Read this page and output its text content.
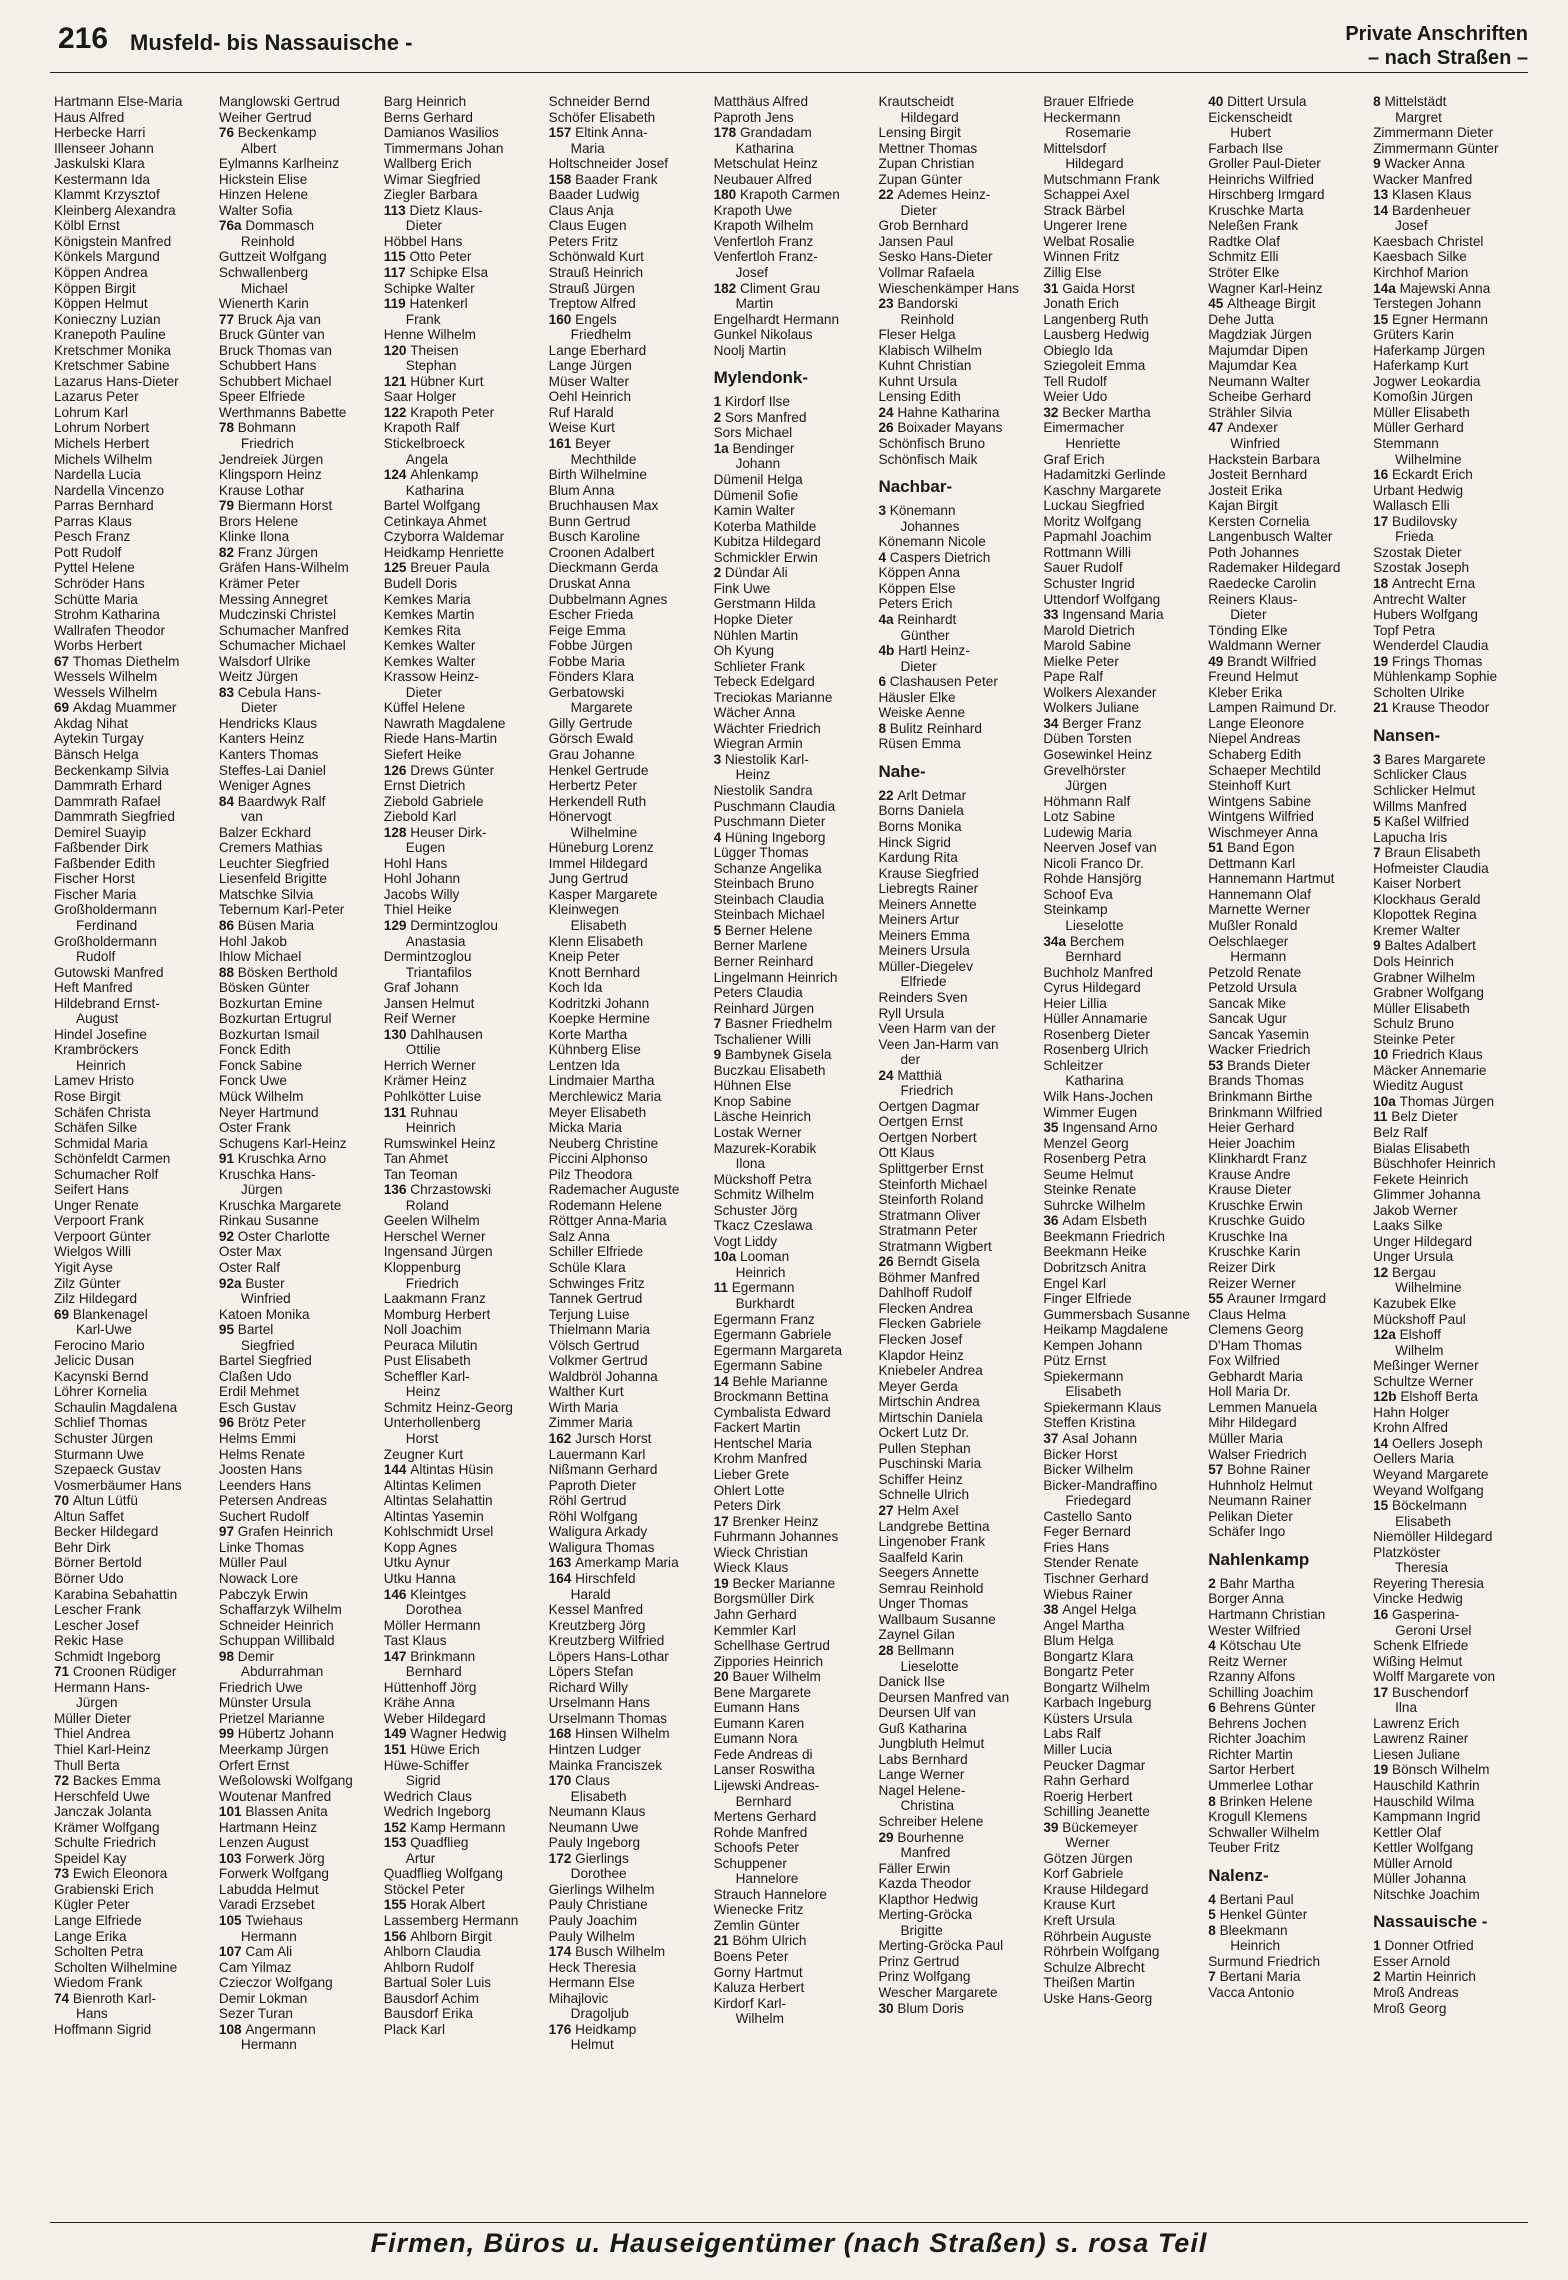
216 Musfeld- bis Nassauische -	Private Anschriften
– nach Straßen –
Hartmann Else-Maria
Haus Alfred
Herbecke Harri
Illenseer Johann
Jaskulski Klara
Kestermann Ida
Klammt Krzysztof
Kleinberg Alexandra
Kölbl Ernst
Königstein Manfred
Könkels Margund
Köppen Andrea
Köppen Birgit
Köppen Helmut
Konieczny Luzian
Kranepoth Pauline
Kretschmer Monika
Kretschmer Sabine
Lazarus Hans-Dieter
Lazarus Peter
Lohrum Karl
Lohrum Norbert
Michels Herbert
Michels Wilhelm
Nardella Lucia
Nardella Vincenzo
Parras Bernhard
Parras Klaus
Pesch Franz
Pott Rudolf
Pyttel Helene
Schröder Hans
Schütte Maria
Strohm Katharina
Wallrafen Theodor
Worbs Herbert
67 Thomas Diethelm
Wessels Wilhelm
Wessels Wilhelm
69 Akdag Muammer
Akdag Nihat
Aytekin Turgay
Bänsch Helga
Beckenkamp Silvia
Dammrath Erhard
Dammrath Rafael
Dammrath Siegfried
Demirel Suayip
Faßbender Dirk
Faßbender Edith
Fischer Horst
Fischer Maria
Großholdermann
Ferdinand
Großholdermann
Rudolf
Gutowski Manfred
Heft Manfred
Hildebrand Ernst-
August
Hindel Josefine
Krambröckers
Heinrich
Lamev Hristo
Rose Birgit
Schäfen Christa
Schäfen Silke
Schmidal Maria
Schönfeldt Carmen
Schumacher Rolf
Seifert Hans
Unger Renate
Verpoort Frank
Verpoort Günter
Wielgos Willi
Yigit Ayse
Zilz Günter
Zilz Hildegard
69 Blankenagel
Karl-Uwe
Ferocino Mario
Jelicic Dusan
Kacynski Bernd
Löhrer Kornelia
Schaulin Magdalena
Schlief Thomas
Schuster Jürgen
Sturmann Uwe
Szepaeck Gustav
Vosmerbäumer Hans
70 Altun Lütfü
Altun Saffet
Becker Hildegard
Behr Dirk
Börner Bertold
Börner Udo
Karabina Sebahattin
Lescher Frank
Lescher Josef
Rekic Hase
Schmidt Ingeborg
71 Croonen Rüdiger
Hermann Hans-
Jürgen
Müller Dieter
Thiel Andrea
Thiel Karl-Heinz
Thull Berta
72 Backes Emma
Herschfeld Uwe
Janczak Jolanta
Krämer Wolfgang
Schulte Friedrich
Speidel Kay
73 Ewich Eleonora
Grabienski Erich
Kügler Peter
Lange Elfriede
Lange Erika
Scholten Petra
Scholten Wilhelmine
Wiedom Frank
74 Bienroth Karl-
Hans
Hoffmann Sigrid
Manglowski Gertrud
Weiher Gertrud
76 Beckenkamp
Albert
Eylmanns Karlheinz
Hickstein Elise
Hinzen Helene
Walter Sofia
76a Dommasch
Reinhold
Guttzeit Wolfgang
Schwallenberg
Michael
Wienerth Karin
77 Bruck Aja van
Bruck Günter van
Bruck Thomas van
Schubbert Hans
Schubbert Michael
Speer Elfriede
Werthmanns Babette
78 Bohmann
Friedrich
Jendreiek Jürgen
Klingsporn Heinz
Krause Lothar
79 Biermann Horst
Brors Helene
Klinke Ilona
82 Franz Jürgen
Gräfen Hans-Wilhelm
Krämer Peter
Messing Annegret
Mudczinski Christel
Schumacher Manfred
Schumacher Michael
Walsdorf Ulrike
Weitz Jürgen
83 Cebula Hans-
Dieter
Hendricks Klaus
Kanters Heinz
Kanters Thomas
Steffes-Lai Daniel
Weniger Agnes
84 Baardwyk Ralf
van
Balzer Eckhard
Cremers Mathias
Leuchter Siegfried
Liesenfeld Brigitte
Matschke Silvia
Tebernum Karl-Peter
86 Büsen Maria
Hohl Jakob
Ihlow Michael
88 Bösken Berthold
Bösken Günter
Bozkurtan Emine
Bozkurtan Ertugrul
Bozkurtan Ismail
Fonck Edith
Fonck Sabine
Fonck Uwe
Mück Wilhelm
Neyer Hartmund
Oster Frank
Schugens Karl-Heinz
91 Kruschka Arno
Kruschka Hans-
Jürgen
Kruschka Margarete
Rinkau Susanne
92 Oster Charlotte
Oster Max
Oster Ralf
92a Buster
Winfried
Katoen Monika
95 Bartel
Siegfried
Bartel Siegfried
Claßen Udo
Erdil Mehmet
Esch Gustav
96 Brötz Peter
Helms Emmi
Helms Renate
Joosten Hans
Leenders Hans
Petersen Andreas
Suchert Rudolf
97 Grafen Heinrich
Linke Thomas
Müller Paul
Nowack Lore
Pabczyk Erwin
Schaffarzyk Wilhelm
Schneider Heinrich
Schuppan Willibald
98 Demir
Abdurrahman
Friedrich Uwe
Münster Ursula
Prietzel Marianne
99 Hübertz Johann
Meerkamp Jürgen
Orfert Ernst
Weßolowski Wolfgang
Woutenar Manfred
101 Blassen Anita
Hartmann Heinz
Lenzen August
103 Forwerk Jörg
Forwerk Wolfgang
Labudda Helmut
Varadi Erzsebet
105 Twiehaus
Hermann
107 Cam Ali
Cam Yilmaz
Czieczor Wolfgang
Demir Lokman
Sezer Turan
108 Angermann
Hermann
Barg Heinrich
Berns Gerhard
Damianos Wasilios
Timmermans Johan
Wallberg Erich
Wimar Siegfried
Ziegler Barbara
113 Dietz Klaus-
Dieter
Höbbel Hans
115 Otto Peter
117 Schipke Elsa
Schipke Walter
119 Hatenkerl
Frank
Henne Wilhelm
120 Theisen
Stephan
121 Hübner Kurt
Saar Holger
122 Krapoth Peter
Krapoth Ralf
Stickelbroeck
Angela
124 Ahlenkamp
Katharina
Bartel Wolfgang
Cetinkaya Ahmet
Czyborra Waldemar
Heidkamp Henriette
125 Breuer Paula
Budell Doris
Kemkes Maria
Kemkes Martin
Kemkes Rita
Kemkes Walter
Kemkes Walter
Krassow Heinz-
Dieter
Küffel Helene
Nawrath Magdalene
Riede Hans-Martin
Siefert Heike
126 Drews Günter
Ernst Dietrich
Ziebold Gabriele
Ziebold Karl
128 Heuser Dirk-
Eugen
Hohl Hans
Hohl Johann
Jacobs Willy
Thiel Heike
129 Dermintzoglou
Anastasia
Dermintzoglou
Triantafilos
Graf Johann
Jansen Helmut
Reif Werner
130 Dahlhausen
Ottilie
Herrich Werner
Krämer Heinz
Pohlkötter Luise
131 Ruhnau
Heinrich
Rumswinkel Heinz
Tan Ahmet
Tan Teoman
136 Chrzastowski
Roland
Geelen Wilhelm
Herschel Werner
Ingensand Jürgen
Kloppenburg
Friedrich
Laakmann Franz
Momburg Herbert
Noll Joachim
Peuraca Milutin
Pust Elisabeth
Scheffler Karl-
Heinz
Schmitz Heinz-Georg
Unterhollenberg
Horst
Zeugner Kurt
144 Altintas Hüsin
Altintas Kelimen
Altintas Selahattin
Altintas Yasemin
Kohlschmidt Ursel
Kopp Agnes
Utku Aynur
Utku Hanna
146 Kleintges
Dorothea
Möller Hermann
Tast Klaus
147 Brinkmann
Bernhard
Hüttenhoff Jörg
Krähe Anna
Weber Hildegard
149 Wagner Hedwig
151 Hüwe Erich
Hüwe-Schiffer
Sigrid
Wedrich Claus
Wedrich Ingeborg
152 Kamp Hermann
153 Quadflieg
Artur
Quadflieg Wolfgang
Stöckel Peter
155 Horak Albert
Lassemberg Hermann
156 Ahlborn Birgit
Ahlborn Claudia
Ahlborn Rudolf
Bartual Soler Luis
Bausdorf Achim
Bausdorf Erika
Plack Karl
Schneider Bernd
Schöfer Elisabeth
157 Eltink Anna-
Maria
Holtschneider Josef
158 Baader Frank
Baader Ludwig
Claus Anja
Claus Eugen
Peters Fritz
Schönwald Kurt
Strauß Heinrich
Strauß Jürgen
Treptow Alfred
160 Engels
Friedhelm
Lange Eberhard
Lange Jürgen
Müser Walter
Oehl Heinrich
Ruf Harald
Weise Kurt
161 Beyer
Mechthilde
Birth Wilhelmine
Blum Anna
Bruchhausen Max
Bunn Gertrud
Busch Karoline
Croonen Adalbert
Dieckmann Gerda
Druskat Anna
Dubbelmann Agnes
Escher Frieda
Feige Emma
Fobbe Jürgen
Fobbe Maria
Fönders Klara
Gerbatowski
Margarete
Gilly Gertrude
Görsch Ewald
Grau Johanne
Henkel Gertrude
Herbertz Peter
Herkendell Ruth
Hönervogt
Wilhelmine
Hüneburg Lorenz
Immel Hildegard
Jung Gertrud
Kasper Margarete
Kleinwegen
Elisabeth
Klenn Elisabeth
Kneip Peter
Knott Bernhard
Koch Ida
Kodritzki Johann
Koepke Hermine
Korte Martha
Kühnberg Elise
Lentzen Ida
Lindmaier Martha
Merchlewicz Maria
Meyer Elisabeth
Micka Maria
Neuberg Christine
Piccini Alphonso
Pilz Theodora
Rademacher Auguste
Rodemann Helene
Röttger Anna-Maria
Salz Anna
Schiller Elfriede
Schüle Klara
Schwinges Fritz
Tannek Gertrud
Terjung Luise
Thielmann Maria
Völsch Gertrud
Volkmer Gertrud
Waldbröl Johanna
Walther Kurt
Wirth Maria
Zimmer Maria
162 Jursch Horst
Lauermann Karl
Nißmann Gerhard
Paproth Dieter
Röhl Gertrud
Röhl Wolfgang
Waligura Arkady
Waligura Thomas
163 Amerkamp Maria
164 Hirschfeld
Harald
Kessel Manfred
Kreutzberg Jörg
Kreutzberg Wilfried
Löpers Hans-Lothar
Löpers Stefan
Richard Willy
Urselmann Hans
Urselmann Thomas
168 Hinsen Wilhelm
Hintzen Ludger
Mainka Franciszek
170 Claus
Elisabeth
Neumann Klaus
Neumann Uwe
Pauly Ingeborg
172 Gierlings
Dorothee
Gierlings Wilhelm
Pauly Christiane
Pauly Joachim
Pauly Wilhelm
174 Busch Wilhelm
Heck Theresia
Hermann Else
Mihajlovic
Dragoljub
176 Heidkamp
Helmut
Matthäus Alfred
Paproth Jens
178 Grandadam
Katharina
Metschulat Heinz
Neubauer Alfred
180 Krapoth Carmen
Krapoth Uwe
Krapoth Wilhelm
Venfertloh Franz
Venfertloh Franz-
Josef
182 Climent Grau
Martin
Engelhardt Hermann
Gunkel Nikolaus
Noolj Martin
Mylendonk-
1 Kirdorf Ilse
2 Sors Manfred
Sors Michael
1a Bendinger
Johann
Dümenil Helga
Dümenil Sofie
Kamin Walter
Koterba Mathilde
Kubitza Hildegard
Schmickler Erwin
2 Dündar Ali
Fink Uwe
Gerstmann Hilda
Hopke Dieter
Nühlen Martin
Oh Kyung
Schlieter Frank
Tebeck Edelgard
Treciokas Marianne
Wächer Anna
Wächter Friedrich
Wiegran Armin
3 Niestolik Karl-
Heinz
Niestolik Sandra
Puschmann Claudia
Puschmann Dieter
4 Hüning Ingeborg
Lügger Thomas
Schanze Angelika
Steinbach Bruno
Steinbach Claudia
Steinbach Michael
5 Berner Helene
Berner Marlene
Berner Reinhard
Lingelmann Heinrich
Peters Claudia
Reinhard Jürgen
7 Basner Friedhelm
Tschaliener Willi
9 Bambynek Gisela
Buczkau Elisabeth
Hühnen Else
Knop Sabine
Läsche Heinrich
Lostak Werner
Mazurek-Korabik
Ilona
Mückshoff Petra
Schmitz Wilhelm
Schuster Jörg
Tkacz Czeslawa
Vogt Liddy
10a Looman
Heinrich
11 Egermann
Burkhardt
Egermann Franz
Egermann Gabriele
Egermann Margareta
Egermann Sabine
14 Behle Marianne
Brockmann Bettina
Cymbalista Edward
Fackert Martin
Hentschel Maria
Krohm Manfred
Lieber Grete
Ohlert Lotte
Peters Dirk
17 Brenker Heinz
Fuhrmann Johannes
Wieck Christian
Wieck Klaus
19 Becker Marianne
Borgsmüller Dirk
Jahn Gerhard
Kemmler Karl
Schellhase Gertrud
Zippories Heinrich
20 Bauer Wilhelm
Bene Margarete
Eumann Hans
Eumann Karen
Eumann Nora
Fede Andreas di
Lanser Roswitha
Lijewski Andreas-
Bernhard
Mertens Gerhard
Rohde Manfred
Schoofs Peter
Schuppener
Hannelore
Strauch Hannelore
Wienecke Fritz
Zemlin Günter
21 Böhm Ulrich
Boens Peter
Gorny Hartmut
Kaluza Herbert
Kirdorf Karl-
Wilhelm
Krautscheidt
Hildegard
Lensing Birgit
Mettner Thomas
Zupan Christian
Zupan Günter
22 Ademes Heinz-
Dieter
Grob Bernhard
Jansen Paul
Sesko Hans-Dieter
Vollmar Rafaela
Wieschenkämper Hans
23 Bandorski
Reinhold
Fleser Helga
Klabisch Wilhelm
Kuhnt Christian
Kuhnt Ursula
Lensing Edith
24 Hahne Katharina
26 Boixader Mayans
Schönfisch Bruno
Schönfisch Maik
Nachbar-
3 Könemann
Johannes
Könemann Nicole
4 Caspers Dietrich
Köppen Anna
Köppen Else
Peters Erich
4a Reinhardt
Günther
4b Hartl Heinz-
Dieter
6 Clashausen Peter
Häusler Elke
Weiske Aenne
8 Bulitz Reinhard
Rüsen Emma
Nahe-
22 Arlt Detmar
Borns Daniela
Borns Monika
Hinck Sigrid
Kardung Rita
Krause Siegfried
Liebregts Rainer
Meiners Annette
Meiners Artur
Meiners Emma
Meiners Ursula
Müller-Diegelev
Elfriede
Reinders Sven
Ryll Ursula
Veen Harm van der
Veen Jan-Harm van
der
24 Matthiä
Friedrich
Oertgen Dagmar
Oertgen Ernst
Oertgen Norbert
Ott Klaus
Splittgerber Ernst
Steinforth Michael
Steinforth Roland
Stratmann Oliver
Stratmann Peter
Stratmann Wigbert
26 Berndt Gisela
Böhmer Manfred
Dahlhoff Rudolf
Flecken Andrea
Flecken Gabriele
Flecken Josef
Klapdor Heinz
Kniebeler Andrea
Meyer Gerda
Mirtschin Andrea
Mirtschin Daniela
Ockert Lutz Dr.
Pullen Stephan
Puschinski Maria
Schiffer Heinz
Schnelle Ulrich
27 Helm Axel
Landgrebe Bettina
Lingenober Frank
Saalfeld Karin
Seegers Annette
Semrau Reinhold
Unger Thomas
Wallbaum Susanne
Zaynel Gilan
28 Bellmann
Lieselotte
Danick Ilse
Deursen Manfred van
Deursen Ulf van
Guß Katharina
Jungbluth Helmut
Labs Bernhard
Lange Werner
Nagel Helene-
Christina
Schreiber Helene
29 Bourhenne
Manfred
Fäller Erwin
Kazda Theodor
Klapthor Hedwig
Merting-Gröcka
Brigitte
Merting-Gröcka Paul
Prinz Gertrud
Prinz Wolfgang
Wescher Margarete
30 Blum Doris
Brauer Elfriede
Heckermann
Rosemarie
Mittelsdorf
Hildegard
Mutschmann Frank
Schappei Axel
Strack Bärbel
Ungerer Irene
Welbat Rosalie
Winnen Fritz
Zillig Else
31 Gaida Horst
Jonath Erich
Langenberg Ruth
Lausberg Hedwig
Obieglo Ida
Sziegoleit Emma
Tell Rudolf
Weier Udo
32 Becker Martha
Eimermacher
Henriette
Graf Erich
Hadamitzki Gerlinde
Kaschny Margarete
Luckau Siegfried
Moritz Wolfgang
Papmahl Joachim
Rottmann Willi
Sauer Rudolf
Schuster Ingrid
Uttendorf Wolfgang
33 Ingensand Maria
Marold Dietrich
Marold Sabine
Mielke Peter
Pape Ralf
Wolkers Alexander
Wolkers Juliane
34 Berger Franz
Düben Torsten
Gosewinkel Heinz
Grevelhörster
Jürgen
Höhmann Ralf
Lotz Sabine
Ludewig Maria
Neerven Josef van
Nicoli Franco Dr.
Rohde Hansjörg
Schoof Eva
Steinkamp
Lieselotte
34a Berchem
Bernhard
Buchholz Manfred
Cyrus Hildegard
Heier Lillia
Hüller Annamarie
Rosenberg Dieter
Rosenberg Ulrich
Schleitzer
Katharina
Wilk Hans-Jochen
Wimmer Eugen
35 Ingensand Arno
Menzel Georg
Rosenberg Petra
Seume Helmut
Steinke Renate
Suhrcke Wilhelm
36 Adam Elsbeth
Beekmann Friedrich
Beekmann Heike
Dobritzsch Anitra
Engel Karl
Finger Elfriede
Gummersbach Susanne
Heikamp Magdalene
Kempen Johann
Pütz Ernst
Spiekermann
Elisabeth
Spiekermann Klaus
Steffen Kristina
37 Asal Johann
Bicker Horst
Bicker Wilhelm
Bicker-Mandraffino
Friedegard
Castello Santo
Feger Bernard
Fries Hans
Stender Renate
Tischner Gerhard
Wiebus Rainer
38 Angel Helga
Angel Martha
Blum Helga
Bongartz Klara
Bongartz Peter
Bongartz Wilhelm
Karbach Ingeburg
Küsters Ursula
Labs Ralf
Miller Lucia
Peucker Dagmar
Rahn Gerhard
Roerig Herbert
Schilling Jeanette
39 Bückemeyer
Werner
Götzen Jürgen
Korf Gabriele
Krause Hildegard
Krause Kurt
Kreft Ursula
Röhrbein Auguste
Röhrbein Wolfgang
Schulze Albrecht
Theißen Martin
Uske Hans-Georg
40 Dittert Ursula
Eickenscheidt
Hubert
Farbach Ilse
Groller Paul-Dieter
Heinrichs Wilfried
Hirschberg Irmgard
Kruschke Marta
Neleßen Frank
Radtke Olaf
Schmitz Elli
Ströter Elke
Wagner Karl-Heinz
45 Altheage Birgit
Dehe Jutta
Magdziak Jürgen
Majumdar Dipen
Majumdar Kea
Neumann Walter
Scheibe Gerhard
Strähler Silvia
47 Andexer
Winfried
Hackstein Barbara
Josteit Bernhard
Josteit Erika
Kajan Birgit
Kersten Cornelia
Langenbusch Walter
Poth Johannes
Rademaker Hildegard
Raedecke Carolin
Reiners Klaus-
Dieter
Tönding Elke
Waldmann Werner
49 Brandt Wilfried
Freund Helmut
Kleber Erika
Lampen Raimund Dr.
Lange Eleonore
Niepel Andreas
Schaberg Edith
Schaeper Mechtild
Steinhoff Kurt
Wintgens Sabine
Wintgens Wilfried
Wischmeyer Anna
51 Band Egon
Dettmann Karl
Hannemann Hartmut
Hannemann Olaf
Marnette Werner
Mußler Ronald
Oelschlaeger
Hermann
Petzold Renate
Petzold Ursula
Sancak Mike
Sancak Ugur
Sancak Yasemin
Wacker Friedrich
53 Brands Dieter
Brands Thomas
Brinkmann Birthe
Brinkmann Wilfried
Heier Gerhard
Heier Joachim
Klinkhardt Franz
Krause Andre
Krause Dieter
Kruschke Erwin
Kruschke Guido
Kruschke Ina
Kruschke Karin
Reizer Dirk
Reizer Werner
55 Arauner Irmgard
Claus Helma
Clemens Georg
D'Ham Thomas
Fox Wilfried
Gebhardt Maria
Holl Maria Dr.
Lemmen Manuela
Mihr Hildegard
Müller Maria
Walser Friedrich
57 Bohne Rainer
Huhnholz Helmut
Neumann Rainer
Pelikan Dieter
Schäfer Ingo
Nahlenkamp
2 Bahr Martha
Borger Anna
Hartmann Christian
Wester Wilfried
4 Kötschau Ute
Reitz Werner
Rzanny Alfons
Schilling Joachim
6 Behrens Günter
Behrens Jochen
Richter Joachim
Richter Martin
Sartor Herbert
Ummerlee Lothar
8 Brinken Helene
Krogull Klemens
Schwaller Wilhelm
Teuber Fritz
Nalenz-
4 Bertani Paul
5 Henkel Günter
8 Bleekmann
Heinrich
Surmund Friedrich
7 Bertani Maria
Vacca Antonio
8 Mittelstädt
Margret
Zimmermann Dieter
Zimmermann Günter
9 Wacker Anna
Wacker Manfred
13 Klasen Klaus
14 Bardenheuer
Josef
Kaesbach Christel
Kaesbach Silke
Kirchhof Marion
14a Majewski Anna
Terstegen Johann
15 Egner Hermann
Grüters Karin
Haferkamp Jürgen
Haferkamp Kurt
Jogwer Leokardia
Komoßin Jürgen
Müller Elisabeth
Müller Gerhard
Stemmann
Wilhelmine
16 Eckardt Erich
Urbant Hedwig
Wallasch Elli
17 Budilovsky
Frieda
Szostak Dieter
Szostak Joseph
18 Antrecht Erna
Antrecht Walter
Hubers Wolfgang
Topf Petra
Wenderdel Claudia
19 Frings Thomas
Mühlenkamp Sophie
Scholten Ulrike
21 Krause Theodor
Nansen-
3 Bares Margarete
Schlicker Claus
Schlicker Helmut
Willms Manfred
5 Kaßel Wilfried
Lapucha Iris
7 Braun Elisabeth
Hofmeister Claudia
Kaiser Norbert
Klockhaus Gerald
Klopottek Regina
Kremer Walter
9 Baltes Adalbert
Dols Heinrich
Grabner Wilhelm
Grabner Wolfgang
Müller Elisabeth
Schulz Bruno
Steinke Peter
10 Friedrich Klaus
Mäcker Annemarie
Wieditz August
10a Thomas Jürgen
11 Belz Dieter
Belz Ralf
Bialas Elisabeth
Büschhofer Heinrich
Fekete Heinrich
Glimmer Johanna
Jakob Werner
Laaks Silke
Unger Hildegard
Unger Ursula
12 Bergau
Wilhelmine
Kazubek Elke
Mückshoff Paul
12a Elshoff
Wilhelm
Meßinger Werner
Schultze Werner
12b Elshoff Berta
Hahn Holger
Krohn Alfred
14 Oellers Joseph
Oellers Maria
Weyand Margarete
Weyand Wolfgang
15 Böckelmann
Elisabeth
Niemöller Hildegard
Platzköster
Theresia
Reyering Theresia
Vincke Hedwig
16 Gasperina-
Geroni Ursel
Schenk Elfriede
Wißing Helmut
Wolff Margarete von
17 Buschendorf
Ilna
Lawrenz Erich
Lawrenz Rainer
Liesen Juliane
19 Bönsch Wilhelm
Hauschild Kathrin
Hauschild Wilma
Kampmann Ingrid
Kettler Olaf
Kettler Wolfgang
Müller Arnold
Müller Johanna
Nitschke Joachim
Nassauische -
1 Donner Otfried
Esser Arnold
2 Martin Heinrich
Mroß Andreas
Mroß Georg
Firmen, Büros u. Hauseigentümer (nach Straßen) s. rosa Teil
